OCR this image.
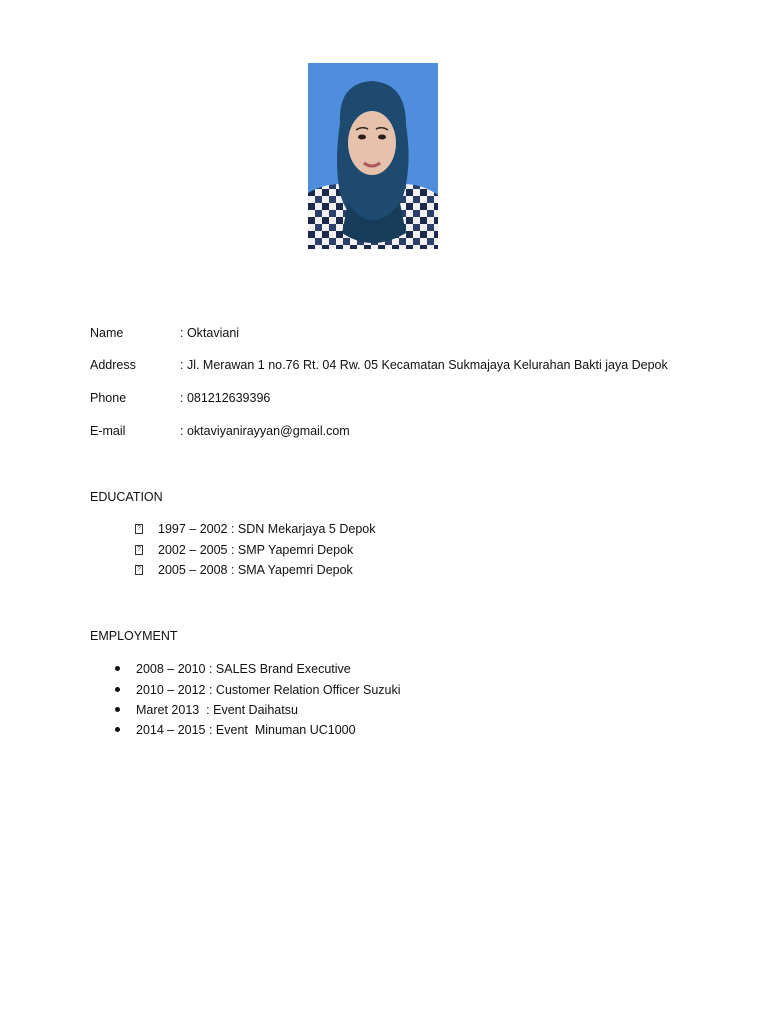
Name	: Oktaviani
Address	: Jl. Merawan 1 no.76 Rt. 04 Rw. 05 Kecamatan Sukmajaya Kelurahan Bakti jaya Depok
Phone	: 081212639396
E-mail	: oktaviyanirayyan@gmail.com
EDUCATION
? 1997 – 2002 : SDN Mekarjaya 5 Depok
? 2002 – 2005 : SMP Yapemri Depok
? 2005 – 2008 : SMA Yapemri Depok
EMPLOYMENT
2008 – 2010 : SALES Brand Executive
2010 – 2012 : Customer Relation Officer Suzuki
Maret 2013  : Event Daihatsu
2014 – 2015 : Event  Minuman UC1000
